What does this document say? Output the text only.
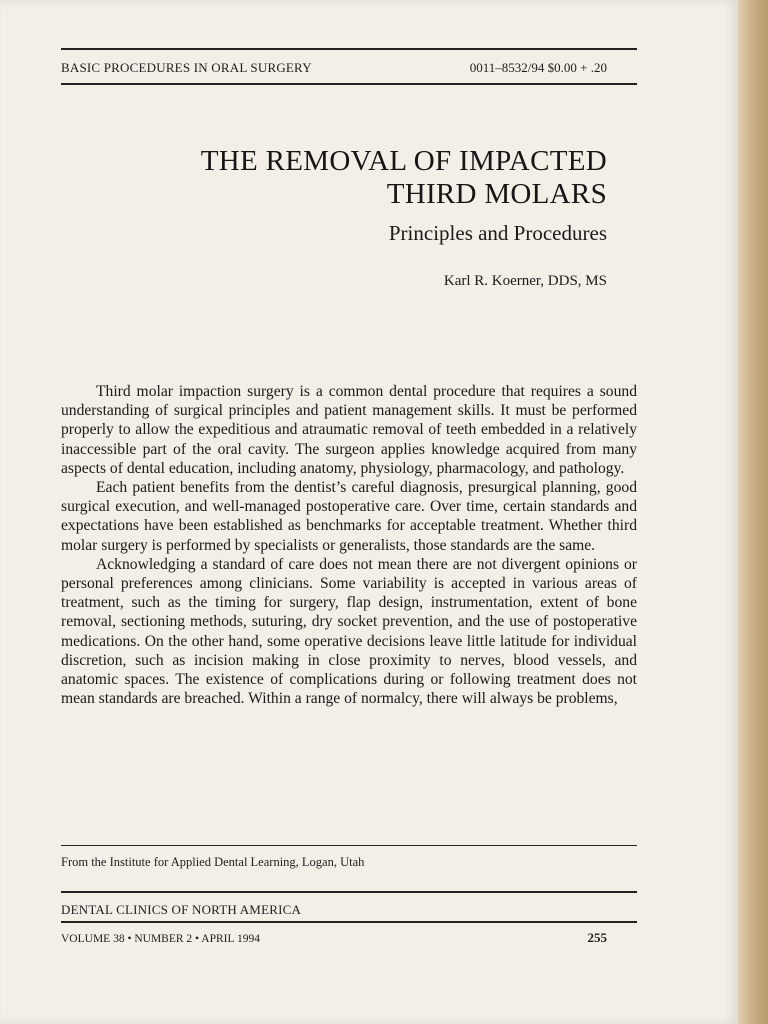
BASIC PROCEDURES IN ORAL SURGERY	0011–8532/94 $0.00 + .20
THE REMOVAL OF IMPACTED
THIRD MOLARS
Principles and Procedures
Karl R. Koerner, DDS, MS

Third molar impaction surgery is a common dental procedure that requires a sound understanding of surgical principles and patient management skills. It must be performed properly to allow the expeditious and atraumatic removal of teeth embedded in a relatively inaccessible part of the oral cavity. The surgeon applies knowledge acquired from many aspects of dental education, including anatomy, physiology, pharmacology, and pathology.

Each patient benefits from the dentist’s careful diagnosis, presurgical planning, good surgical execution, and well-managed postoperative care. Over time, certain standards and expectations have been established as benchmarks for acceptable treatment. Whether third molar surgery is performed by specialists or generalists, those standards are the same.

Acknowledging a standard of care does not mean there are not divergent opinions or personal preferences among clinicians. Some variability is accepted in various areas of treatment, such as the timing for surgery, flap design, instrumentation, extent of bone removal, sectioning methods, suturing, dry socket prevention, and the use of postoperative medications. On the other hand, some operative decisions leave little latitude for individual discretion, such as incision making in close proximity to nerves, blood vessels, and anatomic spaces. The existence of complications during or following treatment does not mean standards are breached. Within a range of normalcy, there will always be problems,

From the Institute for Applied Dental Learning, Logan, Utah
DENTAL CLINICS OF NORTH AMERICA
VOLUME 38 • NUMBER 2 • APRIL 1994	255
